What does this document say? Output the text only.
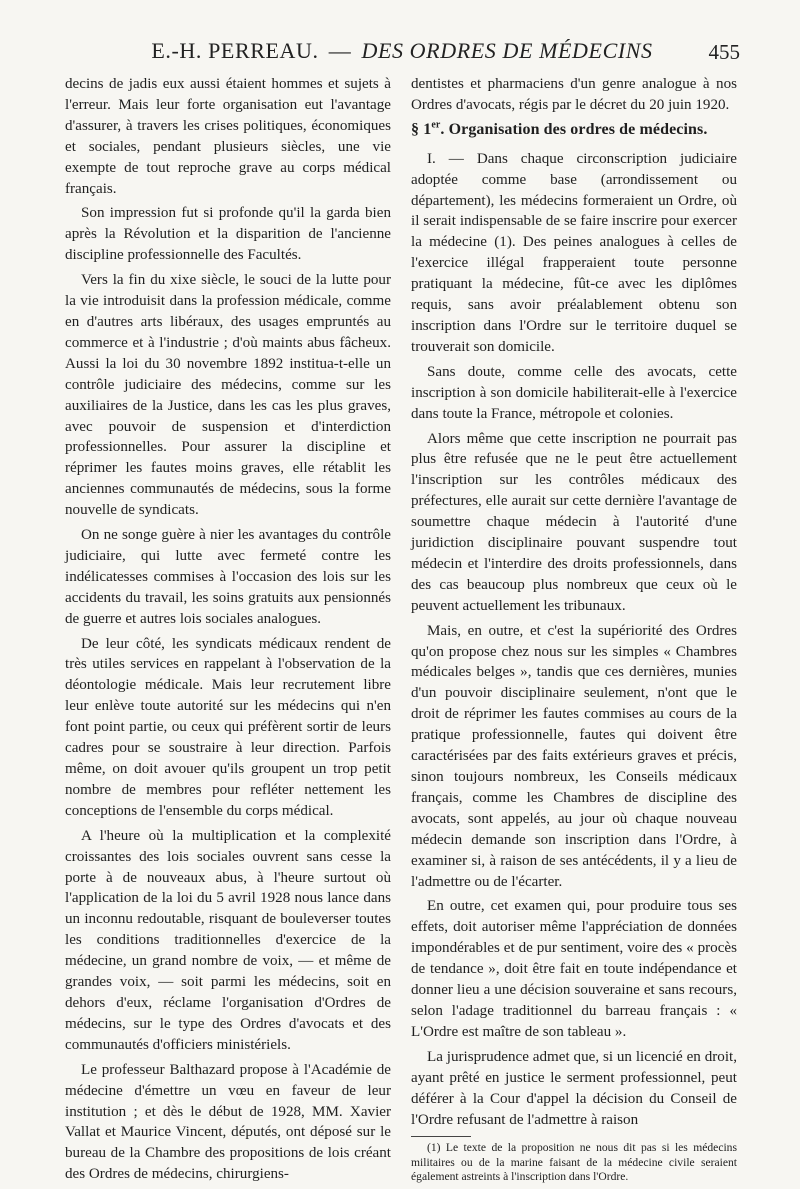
E.-H. PERREAU. — DES ORDRES DE MÉDECINS	455

decins de jadis eux aussi étaient hommes et sujets à l'erreur. Mais leur forte organisation eut l'avantage d'assurer, à travers les crises politiques, économiques et sociales, pendant plusieurs siècles, une vie exempte de tout reproche grave au corps médical français.

Son impression fut si profonde qu'il la garda bien après la Révolution et la disparition de l'ancienne discipline professionnelle des Facultés.

Vers la fin du xixe siècle, le souci de la lutte pour la vie introduisit dans la profession médicale, comme en d'autres arts libéraux, des usages empruntés au commerce et à l'industrie ; d'où maints abus fâcheux. Aussi la loi du 30 novembre 1892 institua-t-elle un contrôle judiciaire des médecins, comme sur les auxiliaires de la Justice, dans les cas les plus graves, avec pouvoir de suspension et d'interdiction professionnelles. Pour assurer la discipline et réprimer les fautes moins graves, elle rétablit les anciennes communautés de médecins, sous la forme nouvelle de syndicats.

On ne songe guère à nier les avantages du contrôle judiciaire, qui lutte avec fermeté contre les indélicatesses commises à l'occasion des lois sur les accidents du travail, les soins gratuits aux pensionnés de guerre et autres lois sociales analogues.

De leur côté, les syndicats médicaux rendent de très utiles services en rappelant à l'observation de la déontologie médicale. Mais leur recrutement libre leur enlève toute autorité sur les médecins qui n'en font point partie, ou ceux qui préfèrent sortir de leurs cadres pour se soustraire à leur direction. Parfois même, on doit avouer qu'ils groupent un trop petit nombre de membres pour refléter nettement les conceptions de l'ensemble du corps médical.

A l'heure où la multiplication et la complexité croissantes des lois sociales ouvrent sans cesse la porte à de nouveaux abus, à l'heure surtout où l'application de la loi du 5 avril 1928 nous lance dans un inconnu redoutable, risquant de bouleverser toutes les conditions traditionnelles d'exercice de la médecine, un grand nombre de voix, — et même de grandes voix, — soit parmi les médecins, soit en dehors d'eux, réclame l'organisation d'Ordres de médecins, sur le type des Ordres d'avocats et des communautés d'officiers ministériels.

Le professeur Balthazard propose à l'Académie de médecine d'émettre un vœu en faveur de leur institution ; et dès le début de 1928, MM. Xavier Vallat et Maurice Vincent, députés, ont déposé sur le bureau de la Chambre des propositions de lois créant des Ordres de médecins, chirurgiens-

dentistes et pharmaciens d'un genre analogue à nos Ordres d'avocats, régis par le décret du 20 juin 1920.

§ 1er. Organisation des ordres de médecins.

I. — Dans chaque circonscription judiciaire adoptée comme base (arrondissement ou département), les médecins formeraient un Ordre, où il serait indispensable de se faire inscrire pour exercer la médecine (1). Des peines analogues à celles de l'exercice illégal frapperaient toute personne pratiquant la médecine, fût-ce avec les diplômes requis, sans avoir préalablement obtenu son inscription dans l'Ordre sur le territoire duquel se trouverait son domicile.

Sans doute, comme celle des avocats, cette inscription à son domicile habiliterait-elle à l'exercice dans toute la France, métropole et colonies.

Alors même que cette inscription ne pourrait pas plus être refusée que ne le peut être actuellement l'inscription sur les contrôles médicaux des préfectures, elle aurait sur cette dernière l'avantage de soumettre chaque médecin à l'autorité d'une juridiction disciplinaire pouvant suspendre tout médecin et l'interdire des droits professionnels, dans des cas beaucoup plus nombreux que ceux où le peuvent actuellement les tribunaux.

Mais, en outre, et c'est la supériorité des Ordres qu'on propose chez nous sur les simples « Chambres médicales belges », tandis que ces dernières, munies d'un pouvoir disciplinaire seulement, n'ont que le droit de réprimer les fautes commises au cours de la pratique professionnelle, fautes qui doivent être caractérisées par des faits extérieurs graves et précis, sinon toujours nombreux, les Conseils médicaux français, comme les Chambres de discipline des avocats, sont appelés, au jour où chaque nouveau médecin demande son inscription dans l'Ordre, à examiner si, à raison de ses antécédents, il y a lieu de l'admettre ou de l'écarter.

En outre, cet examen qui, pour produire tous ses effets, doit autoriser même l'appréciation de données impondérables et de pur sentiment, voire des « procès de tendance », doit être fait en toute indépendance et donner lieu a une décision souveraine et sans recours, selon l'adage traditionnel du barreau français : « L'Ordre est maître de son tableau ».

La jurisprudence admet que, si un licencié en droit, ayant prêté en justice le serment professionnel, peut déférer à la Cour d'appel la décision du Conseil de l'Ordre refusant de l'admettre à raison

(1) Le texte de la proposition ne nous dit pas si les médecins militaires ou de la marine faisant de la médecine civile seraient également astreints à l'inscription dans l'Ordre.
